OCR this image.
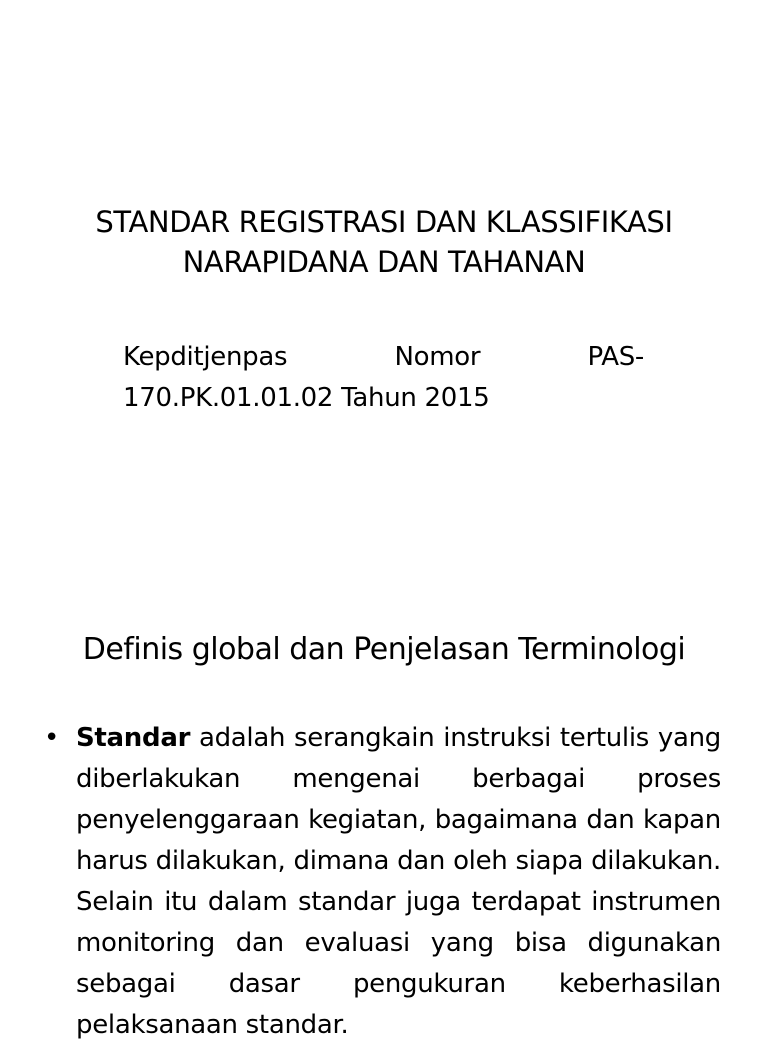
STANDAR REGISTRASI DAN KLASSIFIKASI
NARAPIDANA DAN TAHANAN
Kepditjenpas Nomor PAS-170.PK.01.01.02 Tahun 2015
Definis global dan Penjelasan Terminologi
• Standar adalah serangkain instruksi tertulis yang diberlakukan mengenai berbagai proses penyelenggaraan kegiatan, bagaimana dan kapan harus dilakukan, dimana dan oleh siapa dilakukan. Selain itu dalam standar juga terdapat instrumen monitoring dan evaluasi yang bisa digunakan sebagai dasar pengukuran keberhasilan pelaksanaan standar.
